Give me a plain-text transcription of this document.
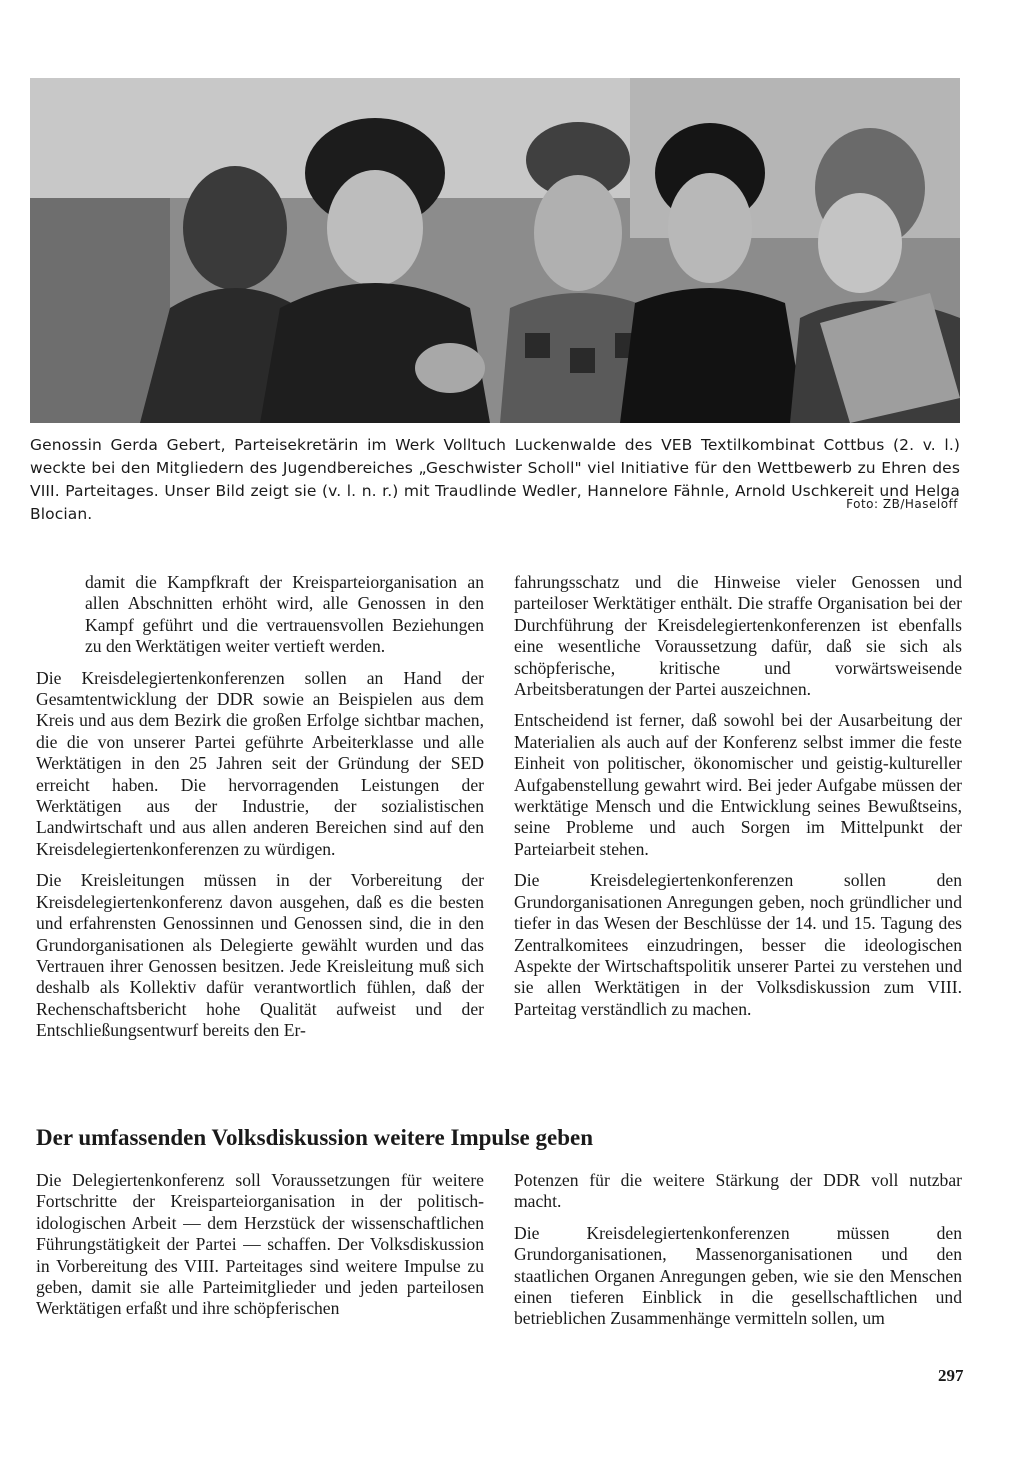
Genossin Gerda Gebert, Parteisekretärin im Werk Volltuch Luckenwalde des VEB Textilkombinat Cottbus (2. v. l.) weckte bei den Mitgliedern des Jugendbereiches „Geschwister Scholl" viel Initiative für den Wettbewerb zu Ehren des VIII. Parteitages. Unser Bild zeigt sie (v. l. n. r.) mit Traudlinde Wedler, Hannelore Fähnle, Arnold Uschkereit und Helga Blocian.
Foto: ZB/Haseloff

damit die Kampfkraft der Kreisparteiorganisation an allen Abschnitten erhöht wird, alle Genossen in den Kampf geführt und die vertrauensvollen Beziehungen zu den Werktätigen weiter vertieft werden.

Die Kreisdelegiertenkonferenzen sollen an Hand der Gesamtentwicklung der DDR sowie an Beispielen aus dem Kreis und aus dem Bezirk die großen Erfolge sichtbar machen, die die von unserer Partei geführte Arbeiterklasse und alle Werktätigen in den 25 Jahren seit der Gründung der SED erreicht haben. Die hervorragenden Leistungen der Werktätigen aus der Industrie, der sozialistischen Landwirtschaft und aus allen anderen Bereichen sind auf den Kreisdelegiertenkonferenzen zu würdigen.

Die Kreisleitungen müssen in der Vorbereitung der Kreisdelegiertenkonferenz davon ausgehen, daß es die besten und erfahrensten Genossinnen und Genossen sind, die in den Grundorganisationen als Delegierte gewählt wurden und das Vertrauen ihrer Genossen besitzen. Jede Kreisleitung muß sich deshalb als Kollektiv dafür verantwortlich fühlen, daß der Rechenschaftsbericht hohe Qualität aufweist und der Entschließungsentwurf bereits den Er-

fahrungsschatz und die Hinweise vieler Genossen und parteiloser Werktätiger enthält. Die straffe Organisation bei der Durchführung der Kreisdelegiertenkonferenzen ist ebenfalls eine wesentliche Voraussetzung dafür, daß sie sich als schöpferische, kritische und vorwärtsweisende Arbeitsberatungen der Partei auszeichnen.

Entscheidend ist ferner, daß sowohl bei der Ausarbeitung der Materialien als auch auf der Konferenz selbst immer die feste Einheit von politischer, ökonomischer und geistig-kultureller Aufgabenstellung gewahrt wird. Bei jeder Aufgabe müssen der werktätige Mensch und die Entwicklung seines Bewußtseins, seine Probleme und auch Sorgen im Mittelpunkt der Parteiarbeit stehen.

Die Kreisdelegiertenkonferenzen sollen den Grundorganisationen Anregungen geben, noch gründlicher und tiefer in das Wesen der Beschlüsse der 14. und 15. Tagung des Zentralkomitees einzudringen, besser die ideologischen Aspekte der Wirtschaftspolitik unserer Partei zu verstehen und sie allen Werktätigen in der Volksdiskussion zum VIII. Parteitag verständlich zu machen.

Der umfassenden Volksdiskussion weitere Impulse geben

Die Delegiertenkonferenz soll Voraussetzungen für weitere Fortschritte der Kreisparteiorganisation in der politisch-idologischen Arbeit — dem Herzstück der wissenschaftlichen Führungstätigkeit der Partei — schaffen. Der Volksdiskussion in Vorbereitung des VIII. Parteitages sind weitere Impulse zu geben, damit sie alle Parteimitglieder und jeden parteilosen Werktätigen erfaßt und ihre schöpferischen

Potenzen für die weitere Stärkung der DDR voll nutzbar macht.

Die Kreisdelegiertenkonferenzen müssen den Grundorganisationen, Massenorganisationen und den staatlichen Organen Anregungen geben, wie sie den Menschen einen tieferen Einblick in die gesellschaftlichen und betrieblichen Zusammenhänge vermitteln sollen, um

297
